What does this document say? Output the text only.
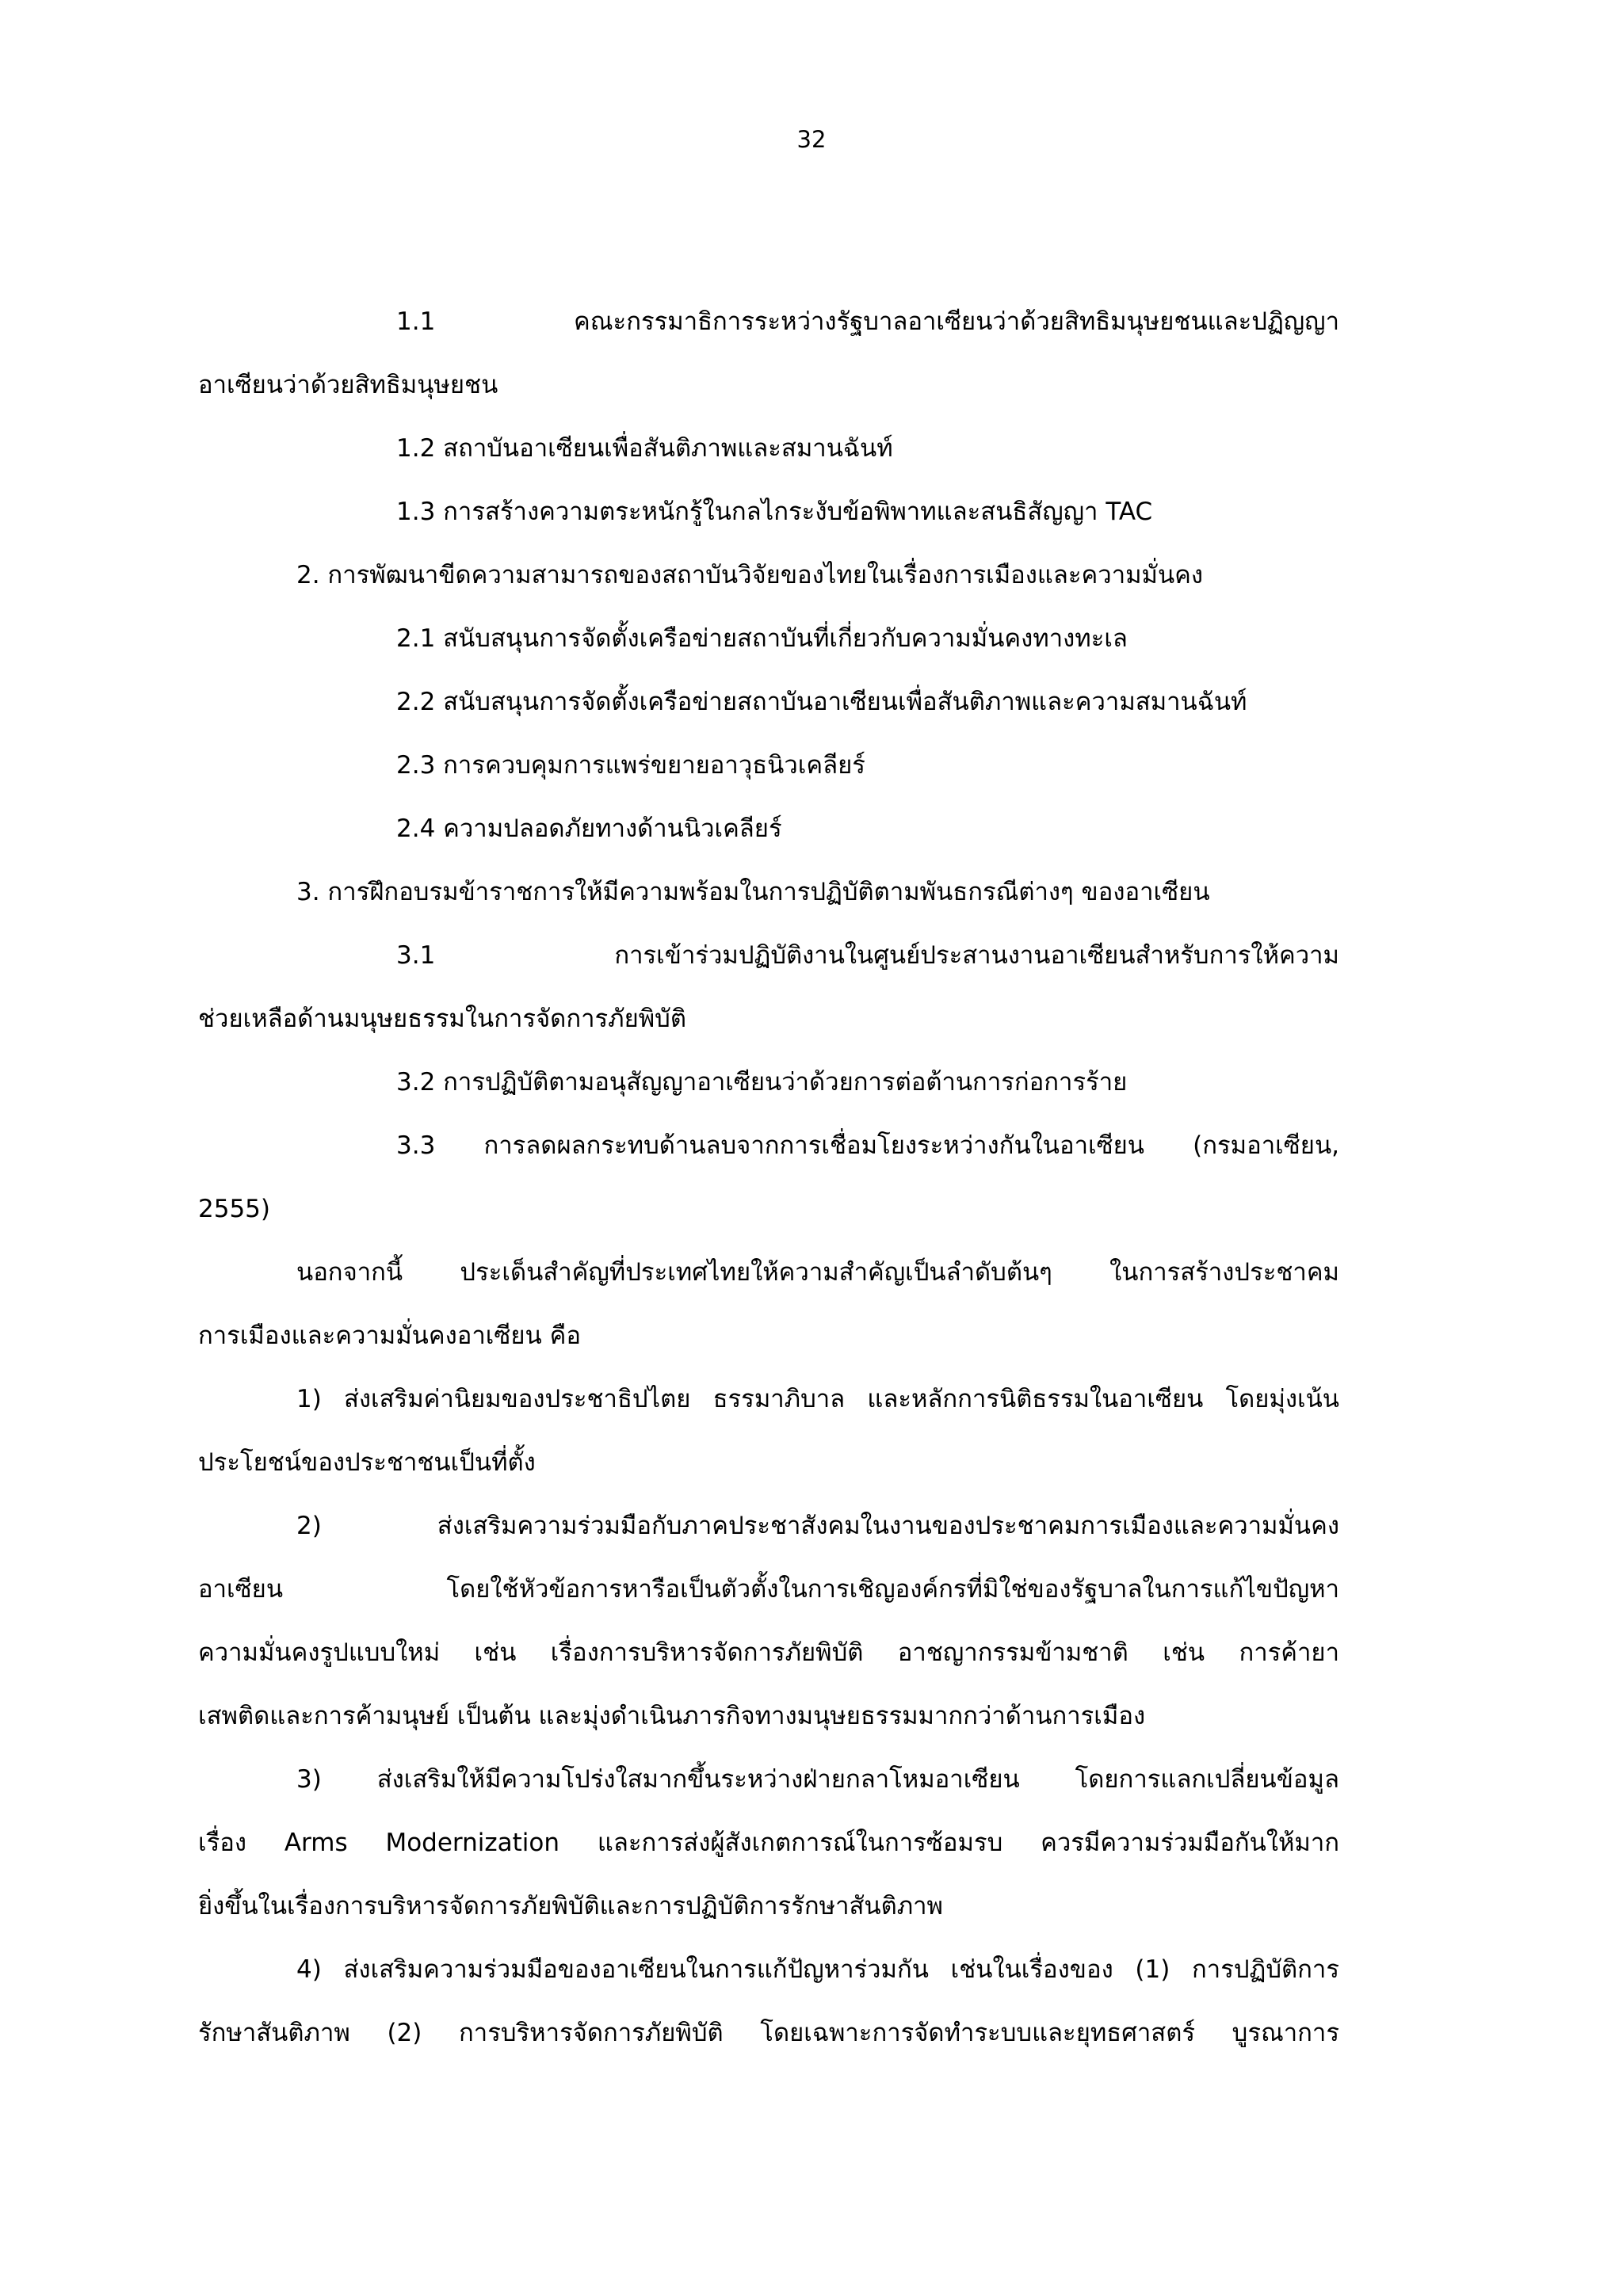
32

1.1 คณะกรรมาธิการระหว่างรัฐบาลอาเซียนว่าด้วยสิทธิมนุษยชนและปฏิญญา

อาเซียนว่าด้วยสิทธิมนุษยชน

1.2 สถาบันอาเซียนเพื่อสันติภาพและสมานฉันท์

1.3 การสร้างความตระหนักรู้ในกลไกระงับข้อพิพาทและสนธิสัญญา TAC

2. การพัฒนาขีดความสามารถของสถาบันวิจัยของไทยในเรื่องการเมืองและความมั่นคง

2.1 สนับสนุนการจัดตั้งเครือข่ายสถาบันที่เกี่ยวกับความมั่นคงทางทะเล

2.2 สนับสนุนการจัดตั้งเครือข่ายสถาบันอาเซียนเพื่อสันติภาพและความสมานฉันท์

2.3 การควบคุมการแพร่ขยายอาวุธนิวเคลียร์

2.4 ความปลอดภัยทางด้านนิวเคลียร์

3. การฝึกอบรมข้าราชการให้มีความพร้อมในการปฏิบัติตามพันธกรณีต่างๆ ของอาเซียน

3.1 การเข้าร่วมปฏิบัติงานในศูนย์ประสานงานอาเซียนสำหรับการให้ความ

ช่วยเหลือด้านมนุษยธรรมในการจัดการภัยพิบัติ

3.2 การปฏิบัติตามอนุสัญญาอาเซียนว่าด้วยการต่อต้านการก่อการร้าย

3.3 การลดผลกระทบด้านลบจากการเชื่อมโยงระหว่างกันในอาเซียน (กรมอาเซียน,

2555)

นอกจากนี้ ประเด็นสำคัญที่ประเทศไทยให้ความสำคัญเป็นลำดับต้นๆ ในการสร้างประชาคม

การเมืองและความมั่นคงอาเซียน คือ

1) ส่งเสริมค่านิยมของประชาธิปไตย ธรรมาภิบาล และหลักการนิติธรรมในอาเซียน โดยมุ่งเน้น

ประโยชน์ของประชาชนเป็นที่ตั้ง

2) ส่งเสริมความร่วมมือกับภาคประชาสังคมในงานของประชาคมการเมืองและความมั่นคง

อาเซียน โดยใช้หัวข้อการหารือเป็นตัวตั้งในการเชิญองค์กรที่มิใช่ของรัฐบาลในการแก้ไขปัญหา

ความมั่นคงรูปแบบใหม่ เช่น เรื่องการบริหารจัดการภัยพิบัติ อาชญากรรมข้ามชาติ เช่น การค้ายา

เสพติดและการค้ามนุษย์ เป็นต้น และมุ่งดำเนินภารกิจทางมนุษยธรรมมากกว่าด้านการเมือง

3) ส่งเสริมให้มีความโปร่งใสมากขึ้นระหว่างฝ่ายกลาโหมอาเซียน โดยการแลกเปลี่ยนข้อมูล

เรื่อง Arms Modernization และการส่งผู้สังเกตการณ์ในการซ้อมรบ ควรมีความร่วมมือกันให้มาก

ยิ่งขึ้นในเรื่องการบริหารจัดการภัยพิบัติและการปฏิบัติการรักษาสันติภาพ

4) ส่งเสริมความร่วมมือของอาเซียนในการแก้ปัญหาร่วมกัน เช่นในเรื่องของ (1) การปฏิบัติการ

รักษาสันติภาพ (2) การบริหารจัดการภัยพิบัติ โดยเฉพาะการจัดทำระบบและยุทธศาสตร์ บูรณาการ
